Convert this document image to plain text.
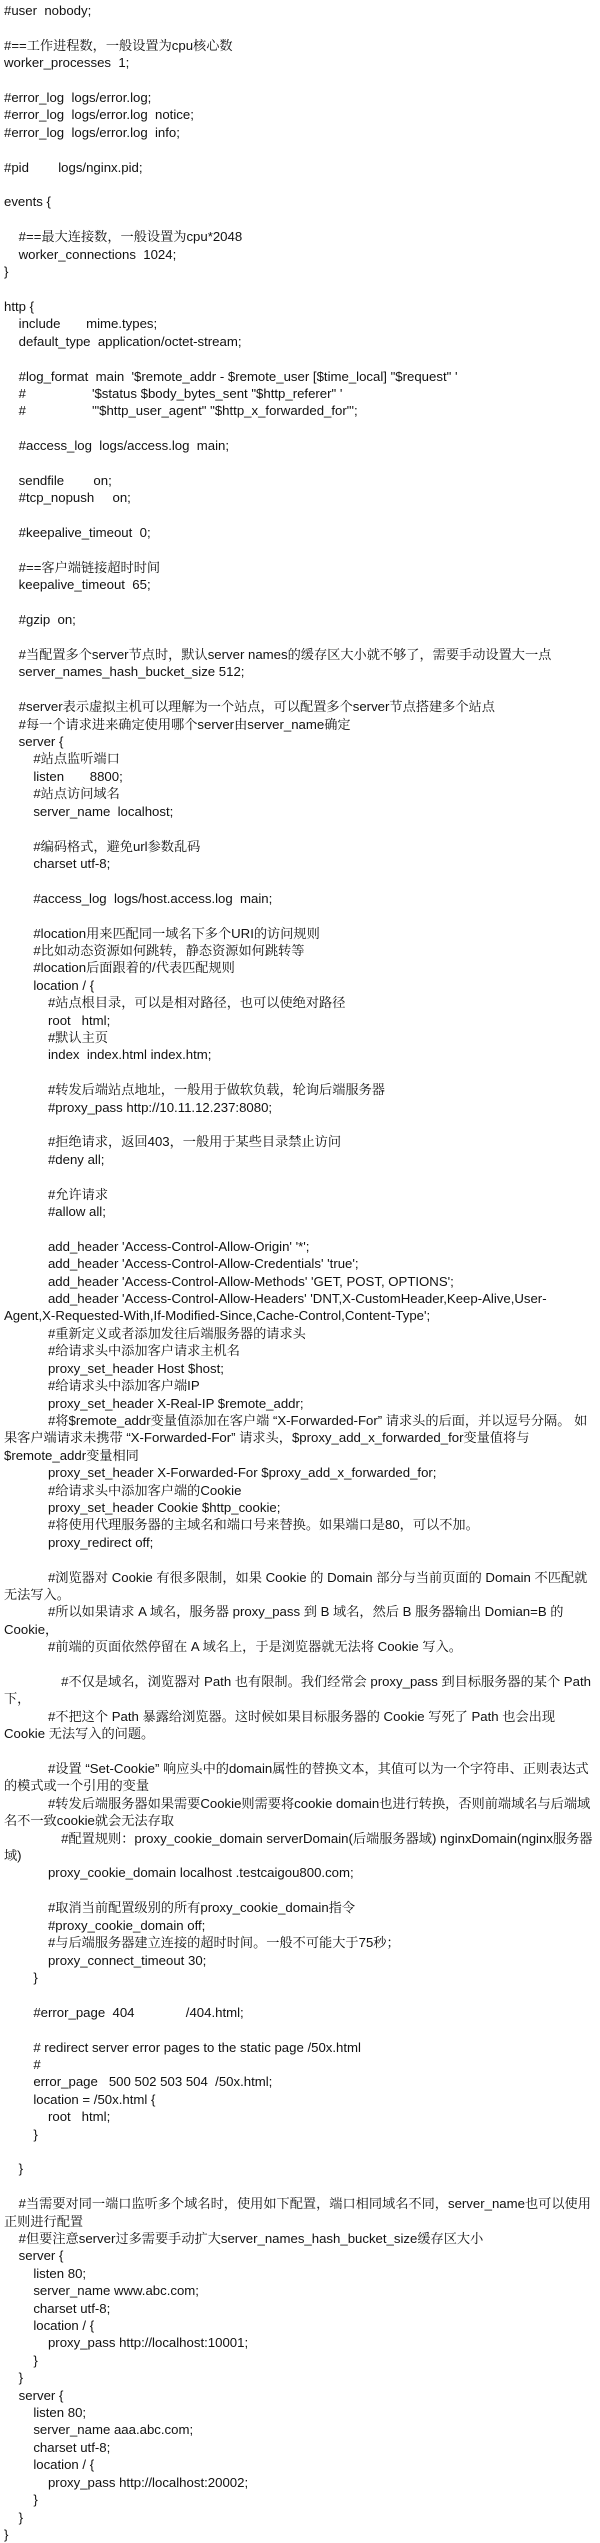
#user  nobody;

#==工作进程数，一般设置为cpu核心数
worker_processes  1;

#error_log  logs/error.log;
#error_log  logs/error.log  notice;
#error_log  logs/error.log  info;

#pid        logs/nginx.pid;

events {

#==最大连接数，一般设置为cpu*2048
worker_connections  1024;
}

http {
include       mime.types;
default_type  application/octet-stream;

#log_format  main  '$remote_addr - $remote_user [$time_local] "$request" '
#                  '$status $body_bytes_sent "$http_referer" '
#                  '"$http_user_agent" "$http_x_forwarded_for"';

#access_log  logs/access.log  main;

sendfile        on;
#tcp_nopush     on;

#keepalive_timeout  0;

#==客户端链接超时时间
keepalive_timeout  65;

#gzip  on;

#当配置多个server节点时，默认server names的缓存区大小就不够了，需要手动设置大一点
server_names_hash_bucket_size 512;

#server表示虚拟主机可以理解为一个站点，可以配置多个server节点搭建多个站点
#每一个请求进来确定使用哪个server由server_name确定
server {
#站点监听端口
listen       8800;
#站点访问域名
server_name  localhost;

#编码格式，避免url参数乱码
charset utf-8;

#access_log  logs/host.access.log  main;

#location用来匹配同一域名下多个URI的访问规则
#比如动态资源如何跳转，静态资源如何跳转等
#location后面跟着的/代表匹配规则
location / {
#站点根目录，可以是相对路径，也可以使绝对路径
root   html;
#默认主页
index  index.html index.htm;

#转发后端站点地址，一般用于做软负载，轮询后端服务器
#proxy_pass http://10.11.12.237:8080;

#拒绝请求，返回403，一般用于某些目录禁止访问
#deny all;

#允许请求
#allow all;

add_header 'Access-Control-Allow-Origin' '*';
add_header 'Access-Control-Allow-Credentials' 'true';
add_header 'Access-Control-Allow-Methods' 'GET, POST, OPTIONS';
add_header 'Access-Control-Allow-Headers' 'DNT,X-CustomHeader,Keep-Alive,User-Agent,X-Requested-With,If-Modified-Since,Cache-Control,Content-Type';
#重新定义或者添加发往后端服务器的请求头
#给请求头中添加客户请求主机名
proxy_set_header Host $host;
#给请求头中添加客户端IP
proxy_set_header X-Real-IP $remote_addr;
#将$remote_addr变量值添加在客户端 “X-Forwarded-For” 请求头的后面，并以逗号分隔。 如果客户端请求未携带 “X-Forwarded-For” 请求头，$proxy_add_x_forwarded_for变量值将与$remote_addr变量相同
proxy_set_header X-Forwarded-For $proxy_add_x_forwarded_for;
#给请求头中添加客户端的Cookie
proxy_set_header Cookie $http_cookie;
#将使用代理服务器的主域名和端口号来替换。如果端口是80，可以不加。
proxy_redirect off;

#浏览器对 Cookie 有很多限制，如果 Cookie 的 Domain 部分与当前页面的 Domain 不匹配就无法写入。
#所以如果请求 A 域名，服务器 proxy_pass 到 B 域名，然后 B 服务器输出 Domian=B 的 Cookie，
#前端的页面依然停留在 A 域名上，于是浏览器就无法将 Cookie 写入。

　#不仅是域名，浏览器对 Path 也有限制。我们经常会 proxy_pass 到目标服务器的某个 Path 下，
#不把这个 Path 暴露给浏览器。这时候如果目标服务器的 Cookie 写死了 Path 也会出现 Cookie 无法写入的问题。

#设置 “Set-Cookie” 响应头中的domain属性的替换文本，其值可以为一个字符串、正则表达式的模式或一个引用的变量
#转发后端服务器如果需要Cookie则需要将cookie domain也进行转换，否则前端域名与后端域名不一致cookie就会无法存取
　#配置规则：proxy_cookie_domain serverDomain(后端服务器域) nginxDomain(nginx服务器域)
proxy_cookie_domain localhost .testcaigou800.com;

#取消当前配置级别的所有proxy_cookie_domain指令
#proxy_cookie_domain off;
#与后端服务器建立连接的超时时间。一般不可能大于75秒；
proxy_connect_timeout 30;
}

#error_page  404              /404.html;

# redirect server error pages to the static page /50x.html
#
error_page   500 502 503 504  /50x.html;
location = /50x.html {
root   html;
}

}

#当需要对同一端口监听多个域名时，使用如下配置，端口相同域名不同，server_name也可以使用正则进行配置
#但要注意server过多需要手动扩大server_names_hash_bucket_size缓存区大小
server {
listen 80;
server_name www.abc.com;
charset utf-8;
location / {
proxy_pass http://localhost:10001;
}
}
server {
listen 80;
server_name aaa.abc.com;
charset utf-8;
location / {
proxy_pass http://localhost:20002;
}
}
}
